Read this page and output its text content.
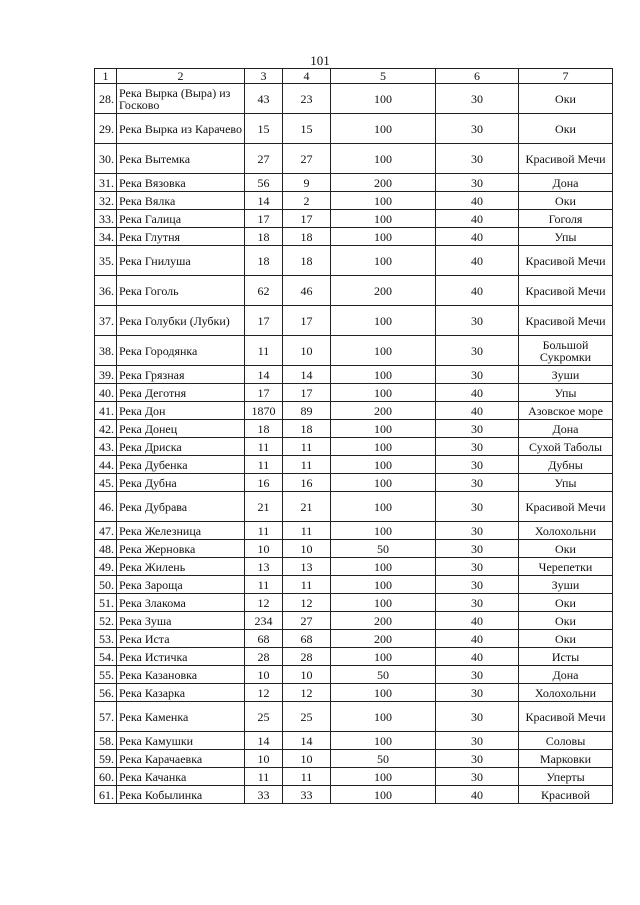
101
1	2	3	4	5	6	7
28.	Река Вырка (Выра) из Госково	43	23	100	30	Оки
29.	Река Вырка из Карачево	15	15	100	30	Оки
30.	Река Вытемка	27	27	100	30	Красивой Мечи
31.	Река Вязовка	56	9	200	30	Дона
32.	Река Вялка	14	2	100	40	Оки
33.	Река Галица	17	17	100	40	Гоголя
34.	Река Глутня	18	18	100	40	Упы
35.	Река Гнилуша	18	18	100	40	Красивой Мечи
36.	Река Гоголь	62	46	200	40	Красивой Мечи
37.	Река Голубки (Лубки)	17	17	100	30	Красивой Мечи
38.	Река Городянка	11	10	100	30	Большой Сукромки
39.	Река Грязная	14	14	100	30	Зуши
40.	Река Деготня	17	17	100	40	Упы
41.	Река Дон	1870	89	200	40	Азовское море
42.	Река Донец	18	18	100	30	Дона
43.	Река Дриска	11	11	100	30	Сухой Таболы
44.	Река Дубенка	11	11	100	30	Дубны
45.	Река Дубна	16	16	100	30	Упы
46.	Река Дубрава	21	21	100	30	Красивой Мечи
47.	Река Железница	11	11	100	30	Холохольни
48.	Река Жерновка	10	10	50	30	Оки
49.	Река Жилень	13	13	100	30	Черепетки
50.	Река Зароща	11	11	100	30	Зуши
51.	Река Злакома	12	12	100	30	Оки
52.	Река Зуша	234	27	200	40	Оки
53.	Река Иста	68	68	200	40	Оки
54.	Река Истичка	28	28	100	40	Исты
55.	Река Казановка	10	10	50	30	Дона
56.	Река Казарка	12	12	100	30	Холохольни
57.	Река Каменка	25	25	100	30	Красивой Мечи
58.	Река Камушки	14	14	100	30	Соловы
59.	Река Карачаевка	10	10	50	30	Марковки
60.	Река Качанка	11	11	100	30	Уперты
61.	Река Кобылинка	33	33	100	40	Красивой
